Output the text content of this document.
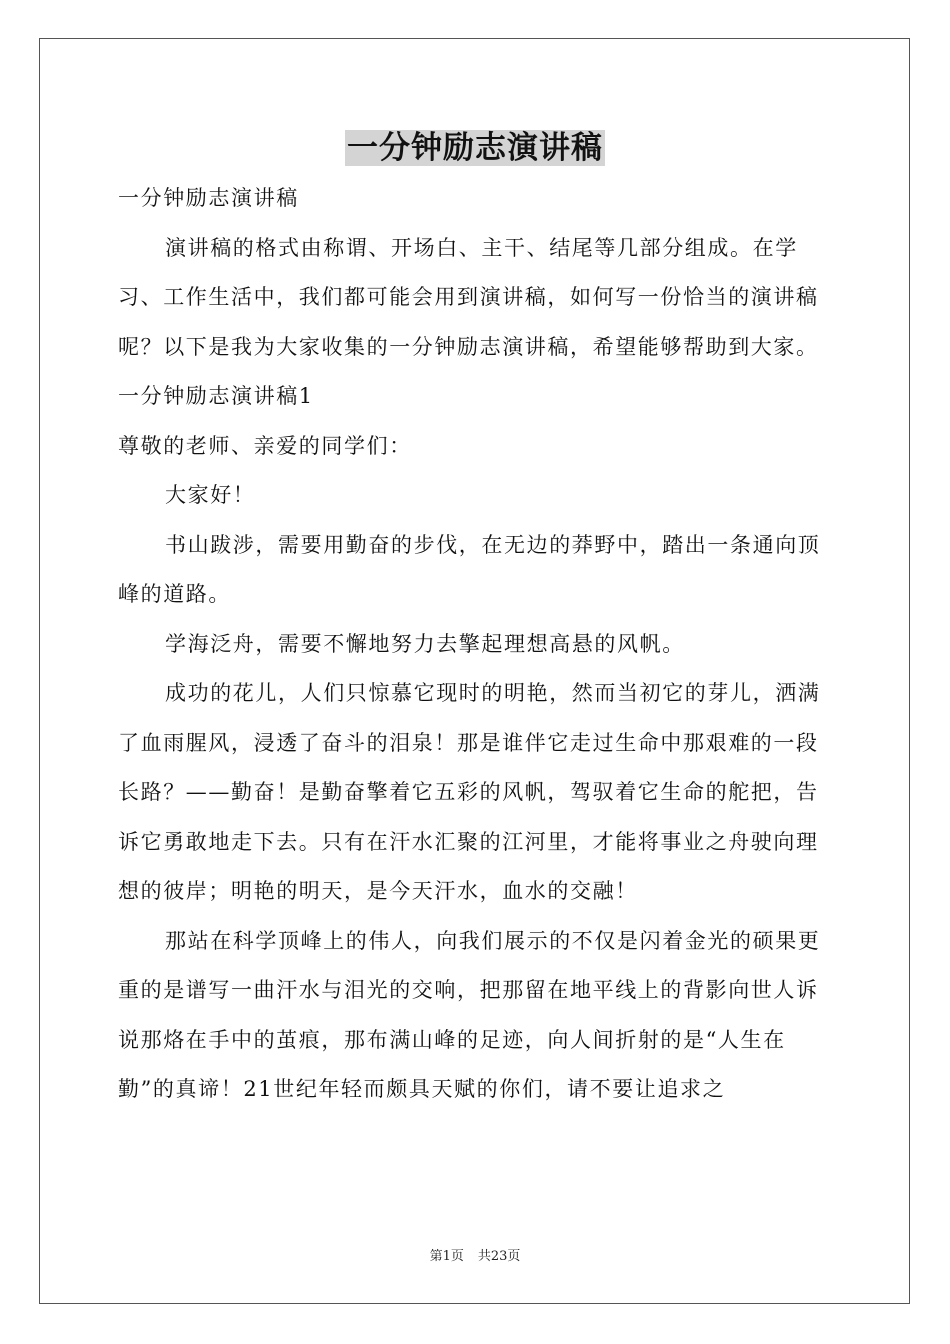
一分钟励志演讲稿

一分钟励志演讲稿

演讲稿的格式由称谓、开场白、主干、结尾等几部分组成。在学习、工作生活中，我们都可能会用到演讲稿，如何写一份恰当的演讲稿呢？以下是我为大家收集的一分钟励志演讲稿，希望能够帮助到大家。

一分钟励志演讲稿1

尊敬的老师、亲爱的同学们：

大家好！

书山跋涉，需要用勤奋的步伐，在无边的莽野中，踏出一条通向顶峰的道路。

学海泛舟，需要不懈地努力去擎起理想高悬的风帆。

成功的花儿，人们只惊慕它现时的明艳，然而当初它的芽儿，洒满了血雨腥风，浸透了奋斗的泪泉！那是谁伴它走过生命中那艰难的一段长路？——勤奋！是勤奋擎着它五彩的风帆，驾驭着它生命的舵把，告诉它勇敢地走下去。只有在汗水汇聚的江河里，才能将事业之舟驶向理想的彼岸；明艳的明天，是今天汗水，血水的交融！

那站在科学顶峰上的伟人，向我们展示的不仅是闪着金光的硕果更重的是谱写一曲汗水与泪光的交响，把那留在地平线上的背影向世人诉说那烙在手中的茧痕，那布满山峰的足迹，向人间折射的是“人生在勤”的真谛！21世纪年轻而颇具天赋的你们，请不要让追求之

第1页 共23页
